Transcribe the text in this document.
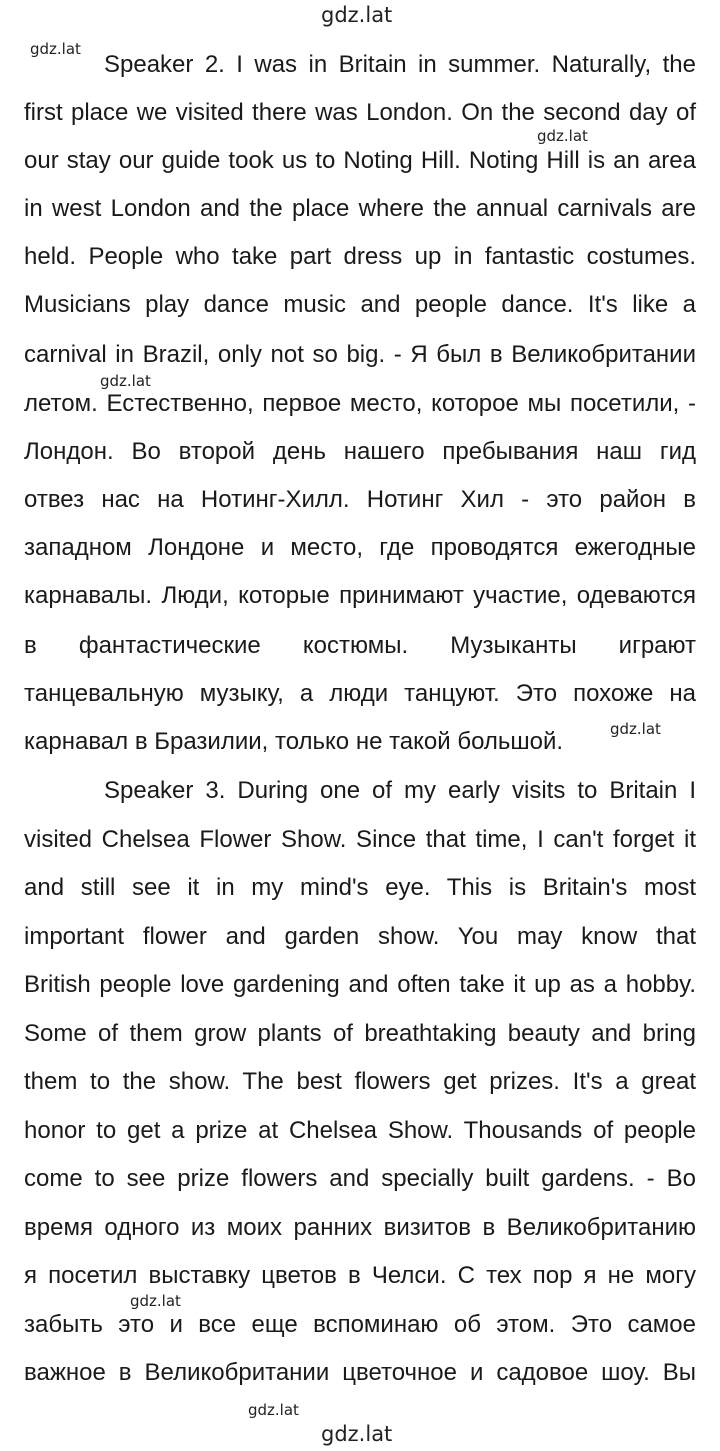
gdz.lat
gdz.lat
gdz.lat
gdz.lat
gdz.lat
gdz.lat
gdz.lat
gdz.lat
Speaker 2. I was in Britain in summer. Naturally, the
first place we visited there was London. On the second day of
our stay our guide took us to Noting Hill. Noting Hill is an area
in west London and the place where the annual carnivals are
held. People who take part dress up in fantastic costumes.
Musicians play dance music and people dance. It's like a
carnival in Brazil, only not so big. - Я был в Великобритании
летом. Естественно, первое место, которое мы посетили, -
Лондон. Во второй день нашего пребывания наш гид
отвез нас на Нотинг-Хилл. Нотинг Хил - это район в
западном Лондоне и место, где проводятся ежегодные
карнавалы. Люди, которые принимают участие, одеваются
в фантастические костюмы. Музыканты играют
танцевальную музыку, а люди танцуют. Это похоже на
карнавал в Бразилии, только не такой большой.
Speaker 3. During one of my early visits to Britain I
visited Chelsea Flower Show. Since that time, I can't forget it
and still see it in my mind's eye. This is Britain's most
important flower and garden show. You may know that
British people love gardening and often take it up as a hobby.
Some of them grow plants of breathtaking beauty and bring
them to the show. The best flowers get prizes. It's a great
honor to get a prize at Chelsea Show. Thousands of people
come to see prize flowers and specially built gardens. - Во
время одного из моих ранних визитов в Великобританию
я посетил выставку цветов в Челси. С тех пор я не могу
забыть это и все еще вспоминаю об этом. Это самое
важное в Великобритании цветочное и садовое шоу. Вы
